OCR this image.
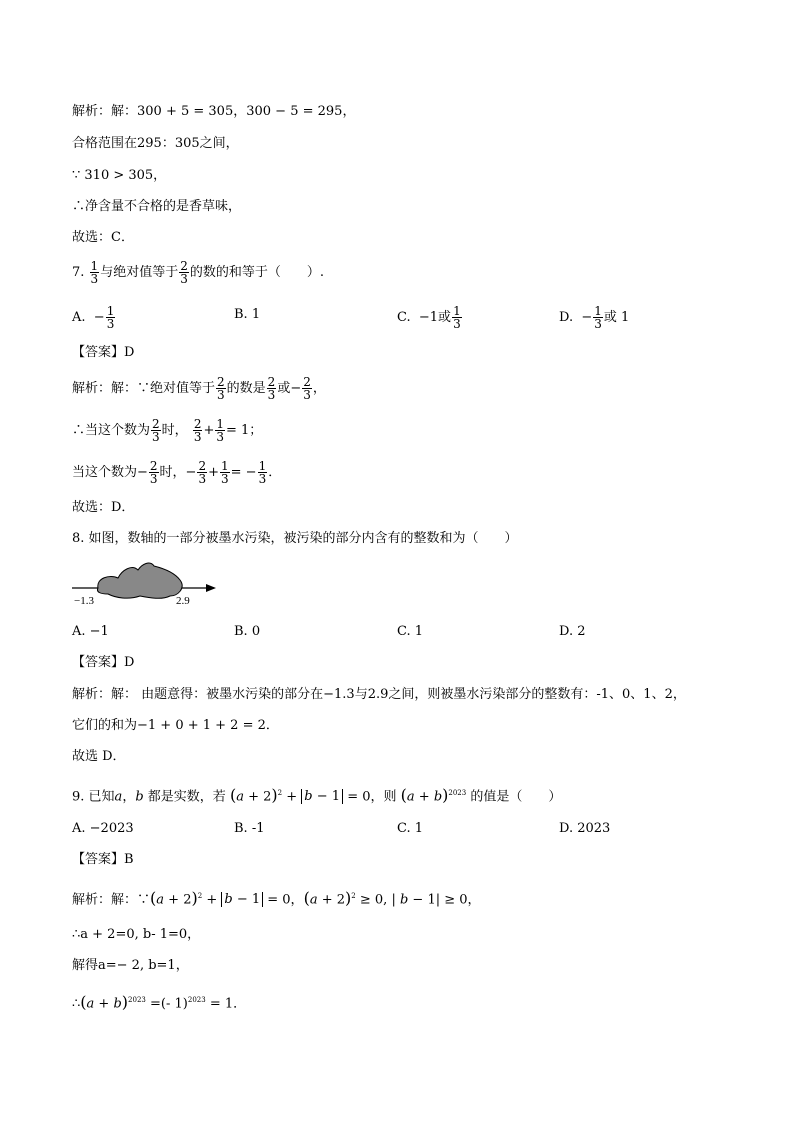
解析：解：300 + 5 = 305，300 − 5 = 295，
合格范围在295：305之间，
∵ 310 > 305，
∴净含量不合格的是香草味，
故选：C．
7. $\frac{1}{3}$ 与绝对值等于 $\frac{2}{3}$ 的数的和等于（　　）.
A. − $\frac{1}{3}$	B. 1	C. −1或 $\frac{1}{3}$	D. − $\frac{1}{3}$ 或 1
【答案】D
解析：解：∵绝对值等于 $\frac{2}{3}$ 的数是 $\frac{2}{3}$ 或− $\frac{2}{3}$ ，
∴当这个数为 $\frac{2}{3}$ 时， $\frac{2}{3} + \frac{1}{3} = 1$；
当这个数为− $\frac{2}{3}$ 时，− $\frac{2}{3} + \frac{1}{3}$ = − $\frac{1}{3}$ ．
故选：D．
8. 如图，数轴的一部分被墨水污染，被污染的部分内含有的整数和为（　　）
−1.3	2.9
A. −1	B. 0	C. 1	D. 2
【答案】D
解析：解： 由题意得：被墨水污染的部分在−1.3与2.9之间，则被墨水污染部分的整数有：-1、0、1、2，
它们的和为−1 + 0 + 1 + 2 = 2．
故选 D．
9. 已知a，b 都是实数，若 $(a + 2)^2 + b - 1 = 0$，则 $(a + b)^{2023}$ 的值是（　　）
A. −2023	B. -1	C. 1	D. 2023
【答案】B
解析：解：∵(a + 2)$^2$ + b − 1 = 0，$(a + 2)^2 \ge 0$, | b − 1| ≥ 0，
∴a + 2=0, b- 1=0，
解得a=− 2, b=1，
∴(a + b)$^{2023}$ =(- 1)$^{2023}$ = 1．
